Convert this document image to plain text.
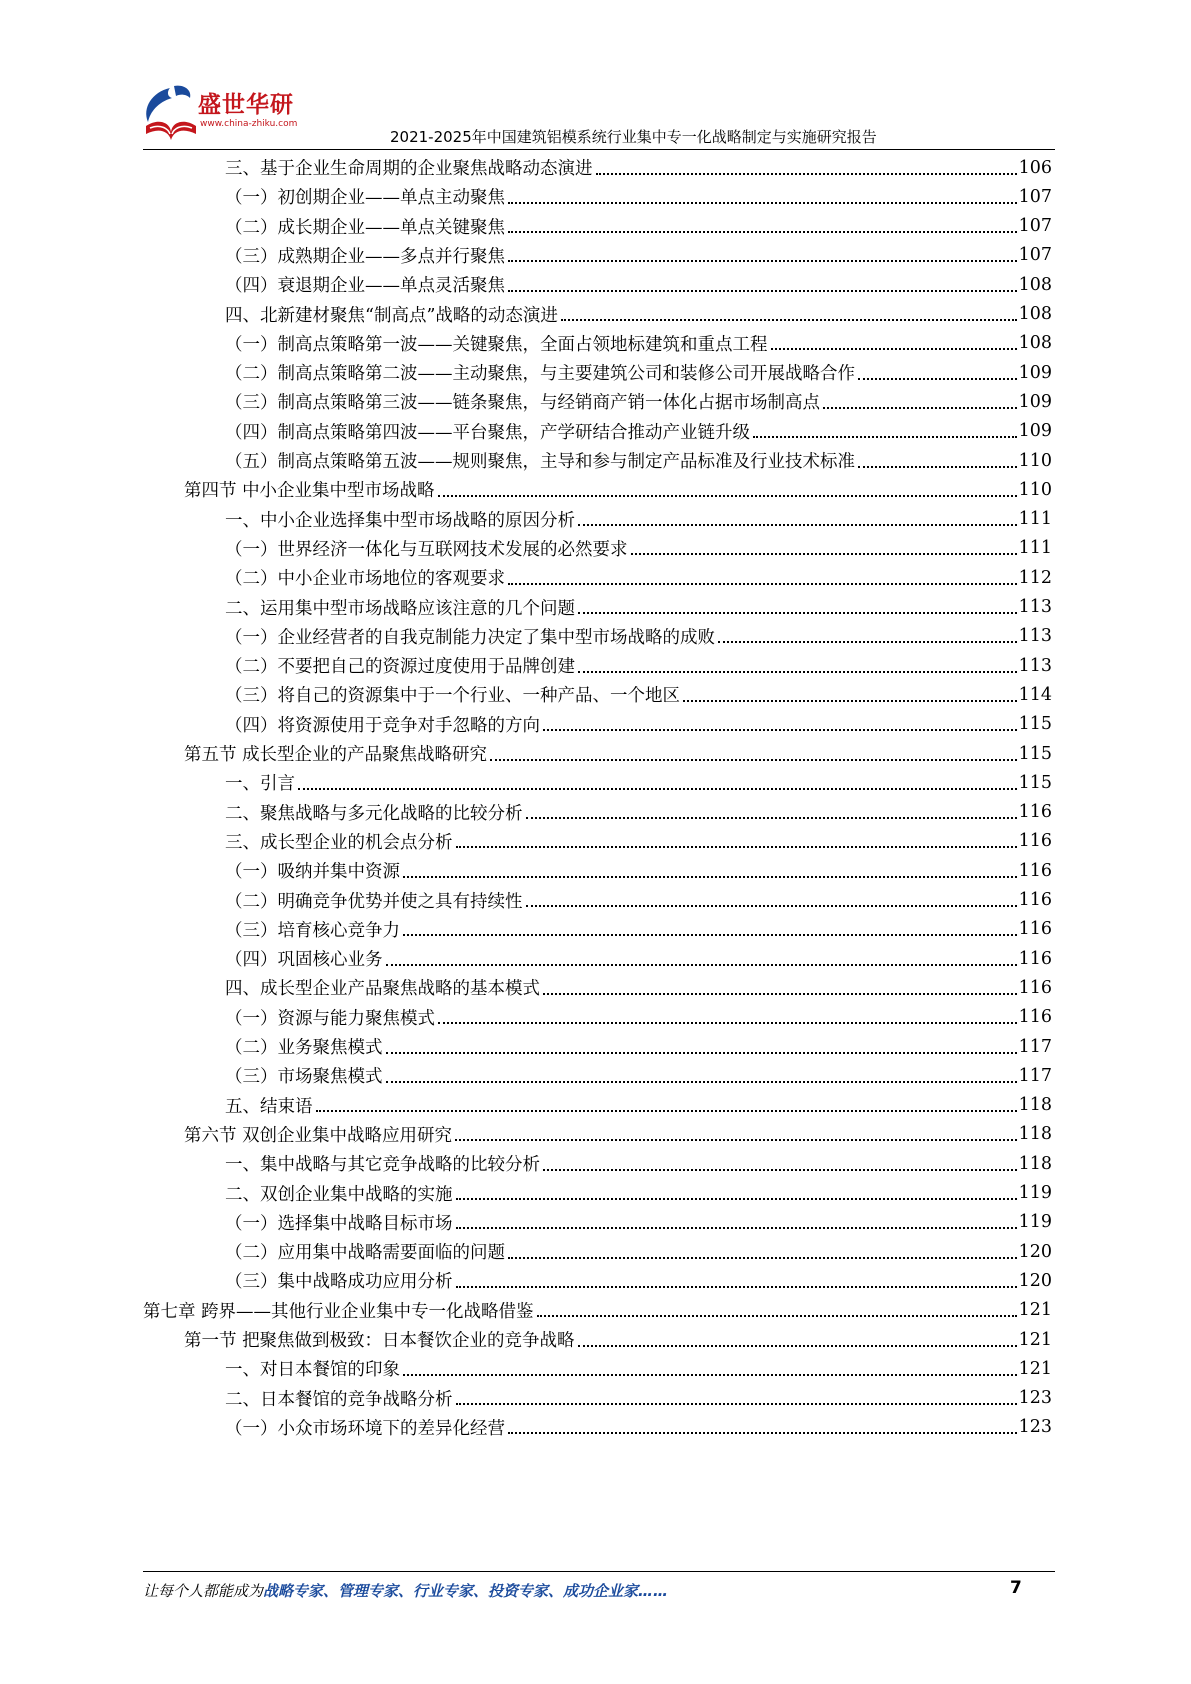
盛世华研
www.china-zhiku.com
2021-2025年中国建筑铝模系统行业集中专一化战略制定与实施研究报告
三、基于企业生命周期的企业聚焦战略动态演进	106
（一）初创期企业——单点主动聚焦	107
（二）成长期企业——单点关键聚焦	107
（三）成熟期企业——多点并行聚焦	107
（四）衰退期企业——单点灵活聚焦	108
四、北新建材聚焦“制高点”战略的动态演进	108
（一）制高点策略第一波——关键聚焦，全面占领地标建筑和重点工程	108
（二）制高点策略第二波——主动聚焦，与主要建筑公司和装修公司开展战略合作	109
（三）制高点策略第三波——链条聚焦，与经销商产销一体化占据市场制高点	109
（四）制高点策略第四波——平台聚焦，产学研结合推动产业链升级	109
（五）制高点策略第五波——规则聚焦，主导和参与制定产品标准及行业技术标准	110
第四节 中小企业集中型市场战略	110
一、中小企业选择集中型市场战略的原因分析	111
（一）世界经济一体化与互联网技术发展的必然要求	111
（二）中小企业市场地位的客观要求	112
二、运用集中型市场战略应该注意的几个问题	113
（一）企业经营者的自我克制能力决定了集中型市场战略的成败	113
（二）不要把自己的资源过度使用于品牌创建	113
（三）将自己的资源集中于一个行业、一种产品、一个地区	114
（四）将资源使用于竞争对手忽略的方向	115
第五节 成长型企业的产品聚焦战略研究	115
一、引言	115
二、聚焦战略与多元化战略的比较分析	116
三、成长型企业的机会点分析	116
（一）吸纳并集中资源	116
（二）明确竞争优势并使之具有持续性	116
（三）培育核心竞争力	116
（四）巩固核心业务	116
四、成长型企业产品聚焦战略的基本模式	116
（一）资源与能力聚焦模式	116
（二）业务聚焦模式	117
（三）市场聚焦模式	117
五、结束语	118
第六节 双创企业集中战略应用研究	118
一、集中战略与其它竞争战略的比较分析	118
二、双创企业集中战略的实施	119
（一）选择集中战略目标市场	119
（二）应用集中战略需要面临的问题	120
（三）集中战略成功应用分析	120
第七章 跨界——其他行业企业集中专一化战略借鉴	121
第一节 把聚焦做到极致：日本餐饮企业的竞争战略	121
一、对日本餐馆的印象	121
二、日本餐馆的竞争战略分析	123
（一）小众市场环境下的差异化经营	123
让每个人都能成为战略专家、管理专家、行业专家、投资专家、成功企业家……	7
